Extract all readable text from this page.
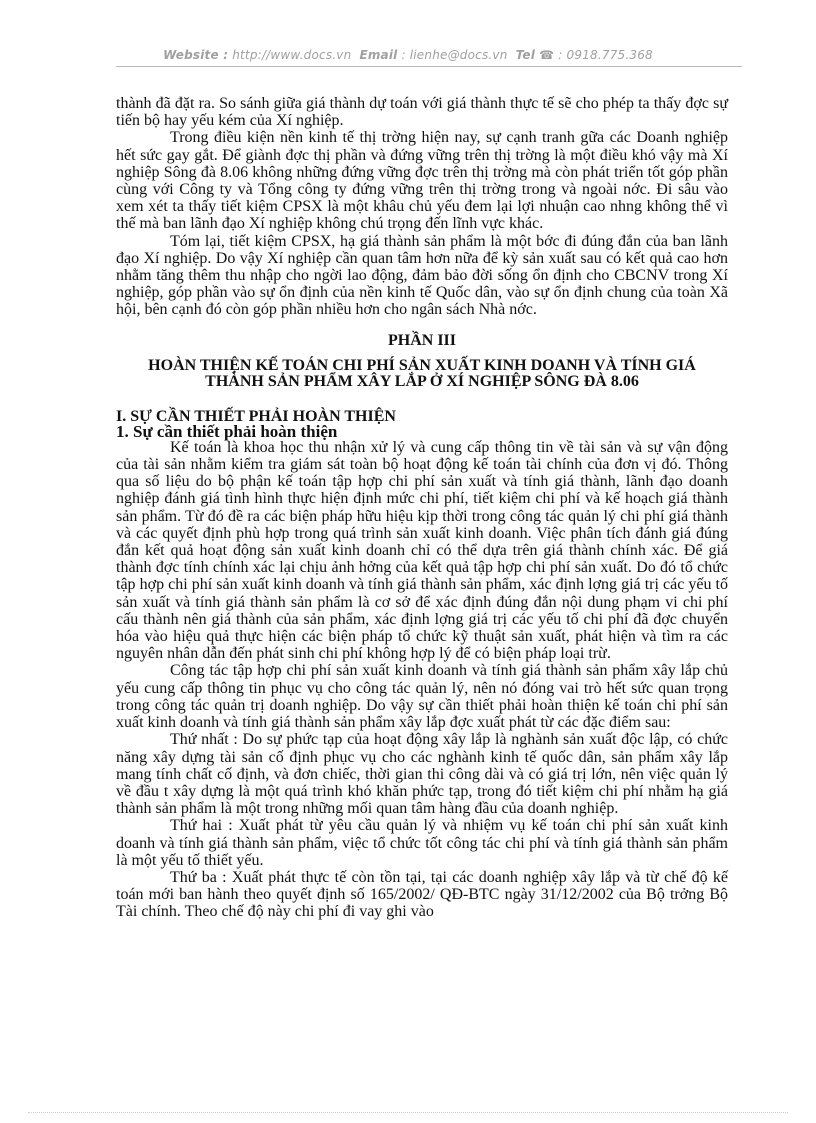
Website : http://www.docs.vn Email : lienhe@docs.vn Tel ☎ : 0918.775.368

thành đã đặt ra. So sánh giữa giá thành dự toán với giá thành thực tế sẽ cho phép ta thấy đợc sự tiến bộ hay yếu kém của Xí nghiệp.

Trong điều kiện nền kinh tế thị trờng hiện nay, sự cạnh tranh gữa các Doanh nghiệp hết sức gay gắt. Để giành đợc thị phần và đứng vững trên thị trờng là một điều khó vậy mà Xí nghiệp Sông đà 8.06 không những đứng vững đợc trên thị trờng mà còn phát triển tốt góp phần cùng với Công ty và Tổng công ty đứng vững trên thị trờng trong và ngoài nớc. Đi sâu vào xem xét ta thấy tiết kiệm CPSX là một khâu chủ yếu đem lại lợi nhuận cao nhng không thể vì thế mà ban lãnh đạo Xí nghiệp không chú trọng đến lĩnh vực khác.

Tóm lại, tiết kiệm CPSX, hạ giá thành sản phẩm là một bớc đi đúng đắn của ban lãnh đạo Xí nghiệp. Do vậy Xí nghiệp cần quan tâm hơn nữa để kỳ sản xuất sau có kết quả cao hơn nhằm tăng thêm thu nhập cho ngời lao động, đảm bảo đời sống ổn định cho CBCNV trong Xí nghiệp, góp phần vào sự ổn định của nền kinh tế Quốc dân, vào sự ổn định chung của toàn Xã hội, bên cạnh đó còn góp phần nhiều hơn cho ngân sách Nhà nớc.

PHẦN III

HOÀN THIỆN KẾ TOÁN CHI PHÍ SẢN XUẤT KINH DOANH VÀ TÍNH GIÁ THÀNH SẢN PHẨM XÂY LẮP Ở XÍ NGHIỆP SÔNG ĐÀ 8.06

I. SỰ CẦN THIẾT PHẢI HOÀN THIỆN

1. Sự cần thiết phải hoàn thiện

Kế toán là khoa học thu nhận xử lý và cung cấp thông tin về tài sản và sự vận động của tài sản nhằm kiểm tra giám sát toàn bộ hoạt động kế toán tài chính của đơn vị đó. Thông qua số liệu do bộ phận kế toán tập hợp chi phí sản xuất và tính giá thành, lãnh đạo doanh nghiệp đánh giá tình hình thực hiện định mức chi phí, tiết kiệm chi phí và kế hoạch giá thành sản phẩm. Từ đó đề ra các biện pháp hữu hiệu kịp thời trong công tác quản lý chi phí giá thành và các quyết định phù hợp trong quá trình sản xuất kinh doanh. Việc phân tích đánh giá đúng đắn kết quả hoạt động sản xuất kinh doanh chỉ có thể dựa trên giá thành chính xác. Để giá thành đợc tính chính xác lại chịu ảnh hởng của kết quả tập hợp chi phí sản xuất. Do đó tổ chức tập hợp chi phí sản xuất kinh doanh và tính giá thành sản phẩm, xác định lợng giá trị các yếu tố sản xuất và tính giá thành sản phẩm là cơ sở để xác định đúng đắn nội dung phạm vi chi phí cấu thành nên giá thành của sản phẩm, xác định lợng giá trị các yếu tố chi phí đã đợc chuyển hóa vào hiệu quả thực hiện các biện pháp tổ chức kỹ thuật sản xuất, phát hiện và tìm ra các nguyên nhân dẫn đến phát sinh chi phí không hợp lý để có biện pháp loại trừ.

Công tác tập hợp chi phí sản xuất kinh doanh và tính giá thành sản phẩm xây lắp chủ yếu cung cấp thông tin phục vụ cho công tác quản lý, nên nó đóng vai trò hết sức quan trọng trong công tác quản trị doanh nghiệp. Do vậy sự cần thiết phải hoàn thiện kế toán chi phí sản xuất kinh doanh và tính giá thành sản phẩm xây lắp đợc xuất phát từ các đặc điểm sau:

Thứ nhất : Do sự phức tạp của hoạt động xây lắp là nghành sản xuất độc lập, có chức năng xây dựng tài sản cố định phục vụ cho các nghành kinh tế quốc dân, sản phẩm xây lắp mang tính chất cố định, và đơn chiếc, thời gian thi công dài và có giá trị lớn, nên việc quản lý về đầu t xây dựng là một quá trình khó khăn phức tạp, trong đó tiết kiệm chi phí nhằm hạ giá thành sản phẩm là một trong những mối quan tâm hàng đầu của doanh nghiệp.

Thứ hai : Xuất phát từ yêu cầu quản lý và nhiệm vụ kế toán chi phí sản xuất kinh doanh và tính giá thành sản phẩm, việc tổ chức tốt công tác chi phí và tính giá thành sản phẩm là một yếu tố thiết yếu.

Thứ ba : Xuất phát thực tế còn tồn tại, tại các doanh nghiệp xây lắp và từ chế độ kế toán mới ban hành theo quyết định số 165/2002/ QĐ-BTC ngày 31/12/2002 của Bộ trởng Bộ Tài chính. Theo chế độ này chi phí đi vay ghi vào
